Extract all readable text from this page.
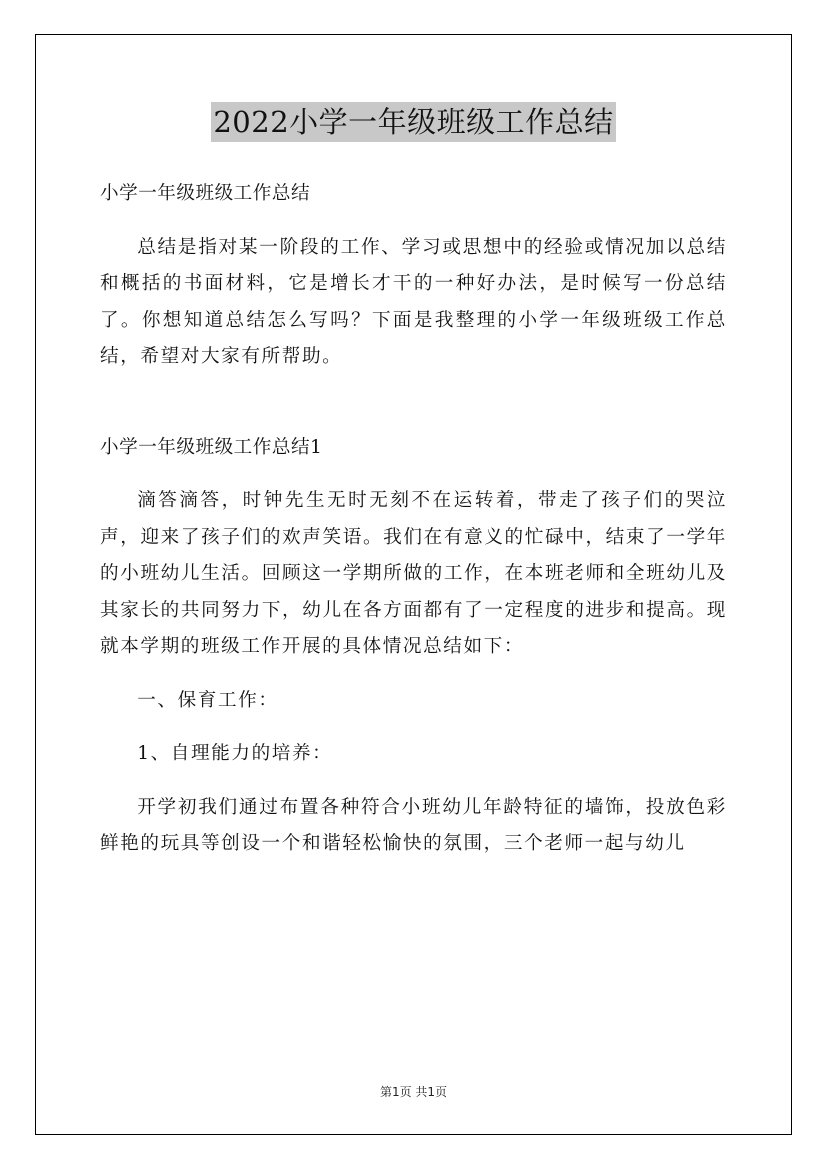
2022小学一年级班级工作总结

小学一年级班级工作总结

总结是指对某一阶段的工作、学习或思想中的经验或情况加以总结和概括的书面材料，它是增长才干的一种好办法，是时候写一份总结了。你想知道总结怎么写吗？下面是我整理的小学一年级班级工作总结，希望对大家有所帮助。

小学一年级班级工作总结1

滴答滴答，时钟先生无时无刻不在运转着，带走了孩子们的哭泣声，迎来了孩子们的欢声笑语。我们在有意义的忙碌中，结束了一学年的小班幼儿生活。回顾这一学期所做的工作，在本班老师和全班幼儿及其家长的共同努力下，幼儿在各方面都有了一定程度的进步和提高。现就本学期的班级工作开展的具体情况总结如下：

一、保育工作：

1、自理能力的培养：

开学初我们通过布置各种符合小班幼儿年龄特征的墙饰，投放色彩鲜艳的玩具等创设一个和谐轻松愉快的氛围，三个老师一起与幼儿

第1页 共1页
